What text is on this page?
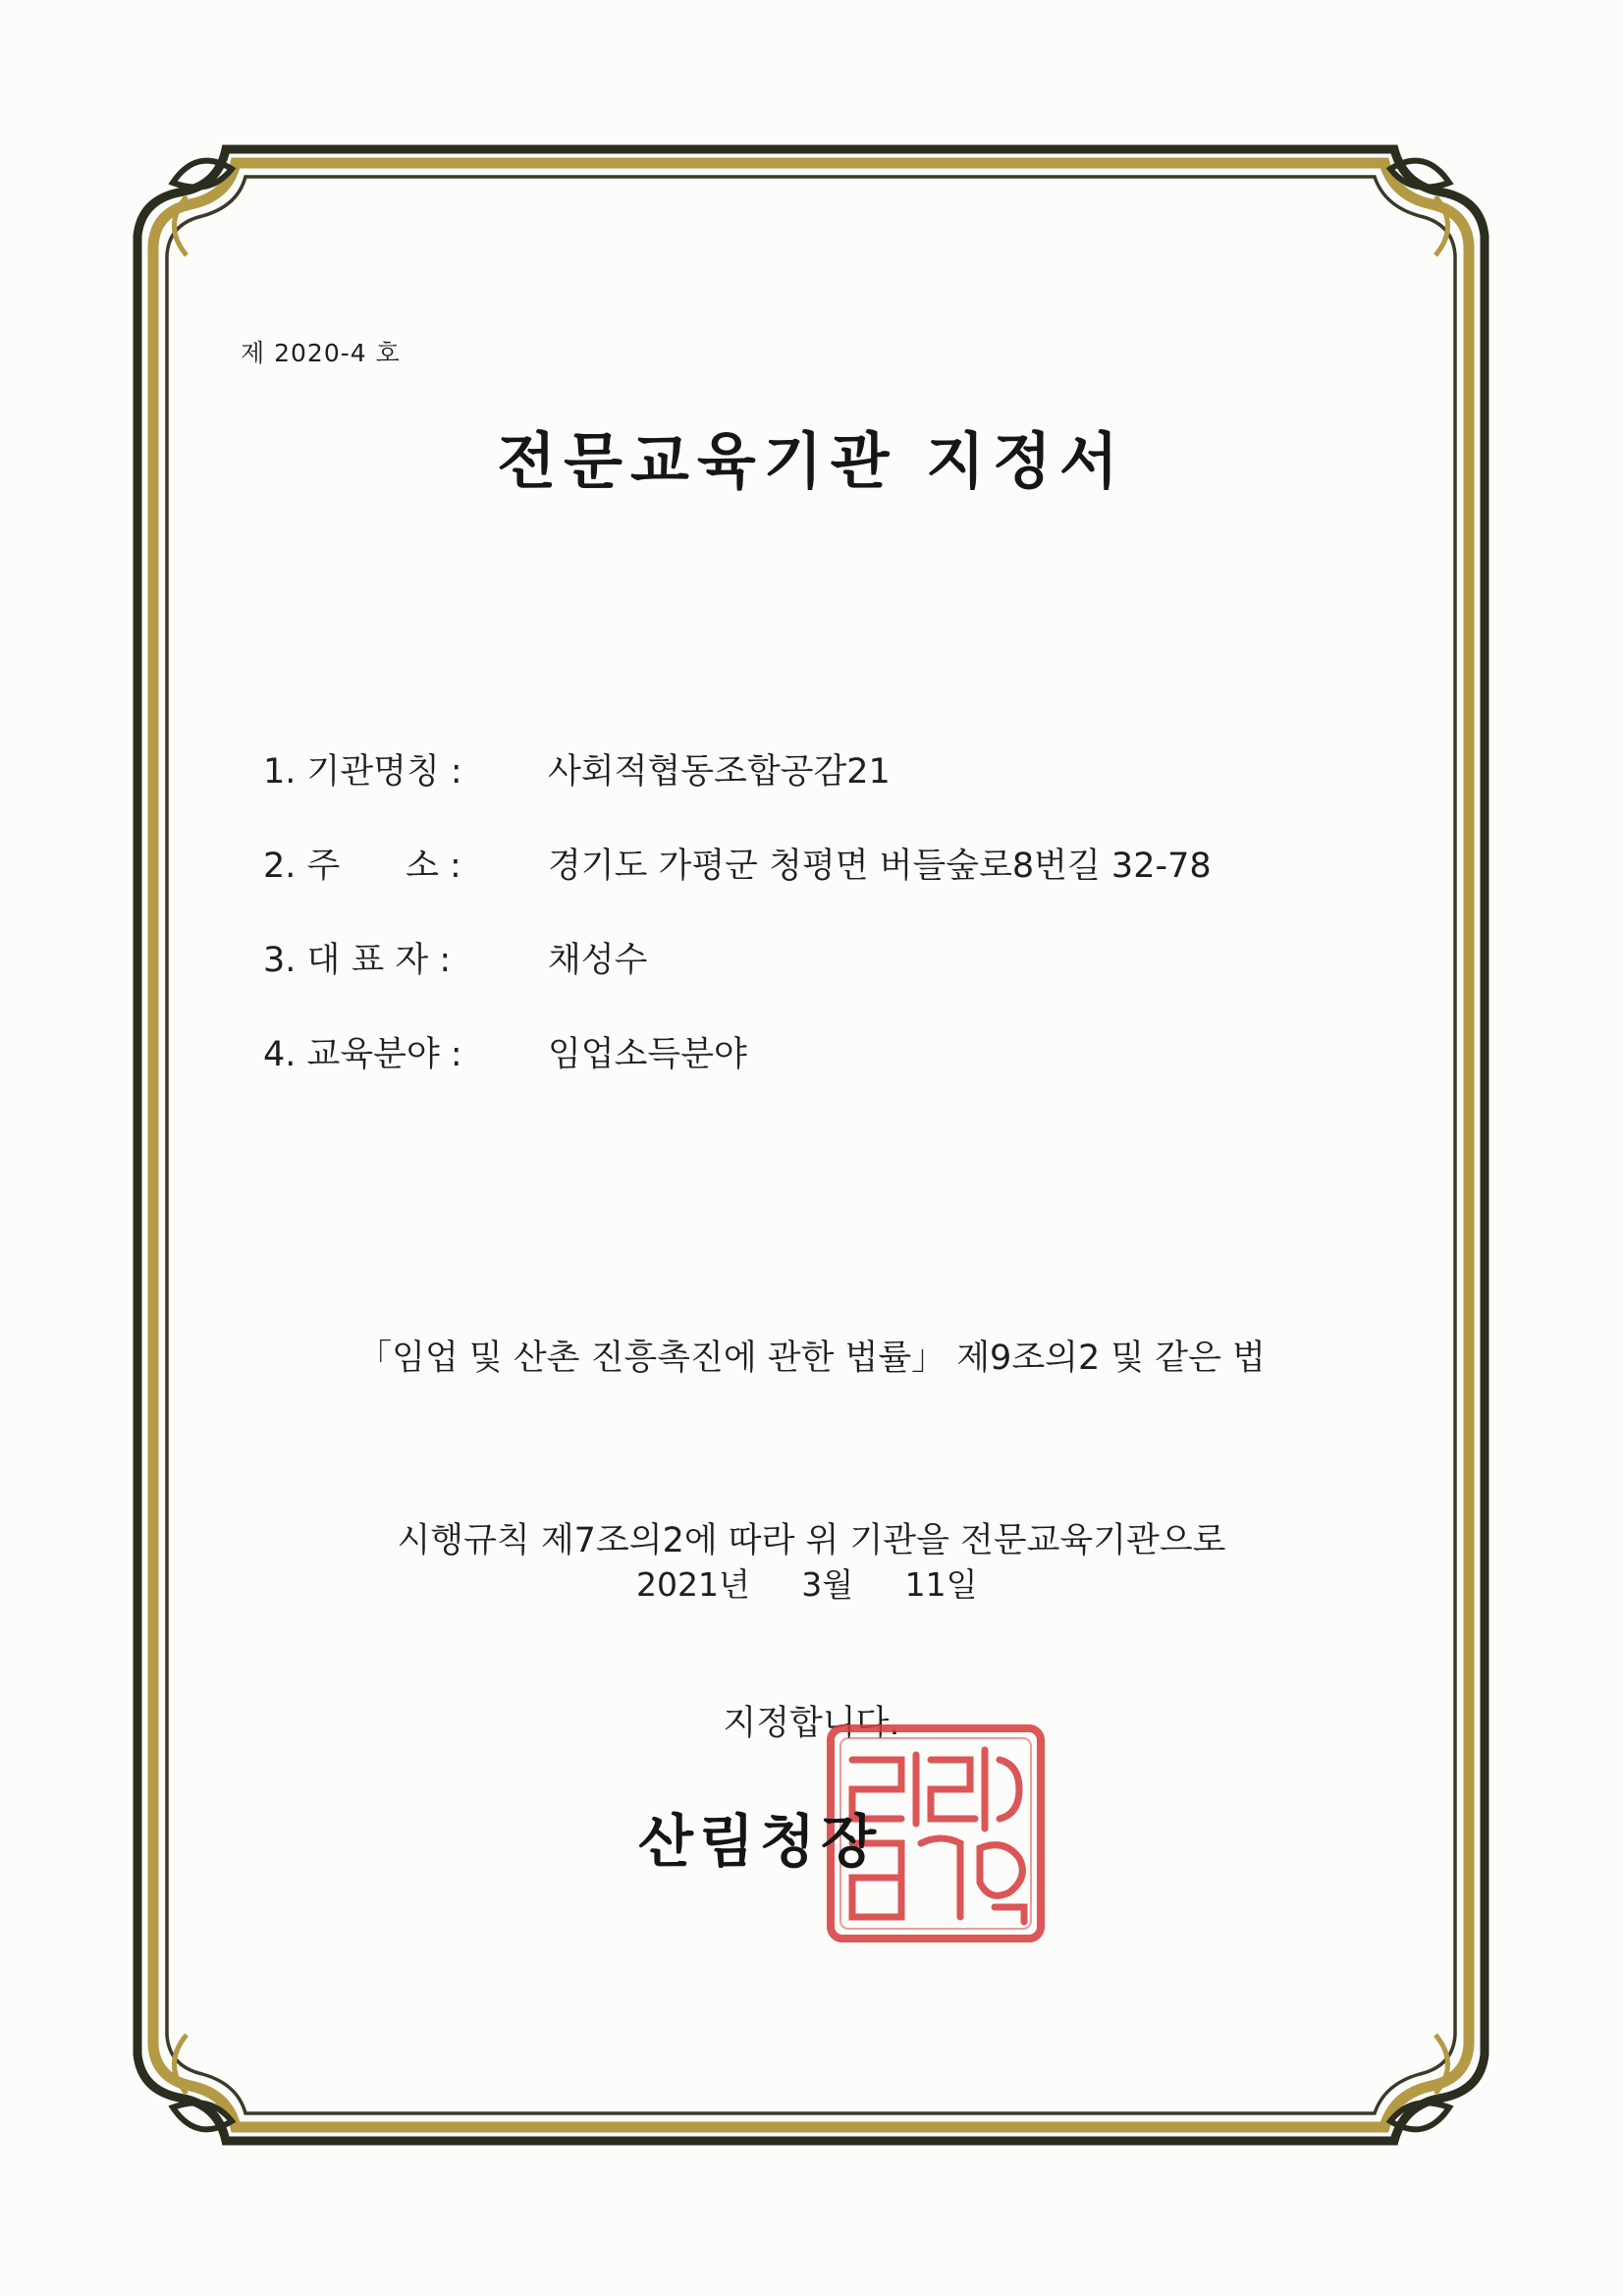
제 2020-4 호
전문교육기관 지정서
1. 기관명칭 :	사회적협동조합공감21
2. 주      소 :	경기도 가평군 청평면 버들숲로8번길 32-78
3. 대 표 자 :	채성수
4. 교육분야 :	임업소득분야

「임업 및 산촌 진흥촉진에 관한 법률」 제9조의2 및 같은 법

시행규칙 제7조의2에 따라 위 기관을 전문교육기관으로

지정합니다.

2021년     3월     11일
산림청장
